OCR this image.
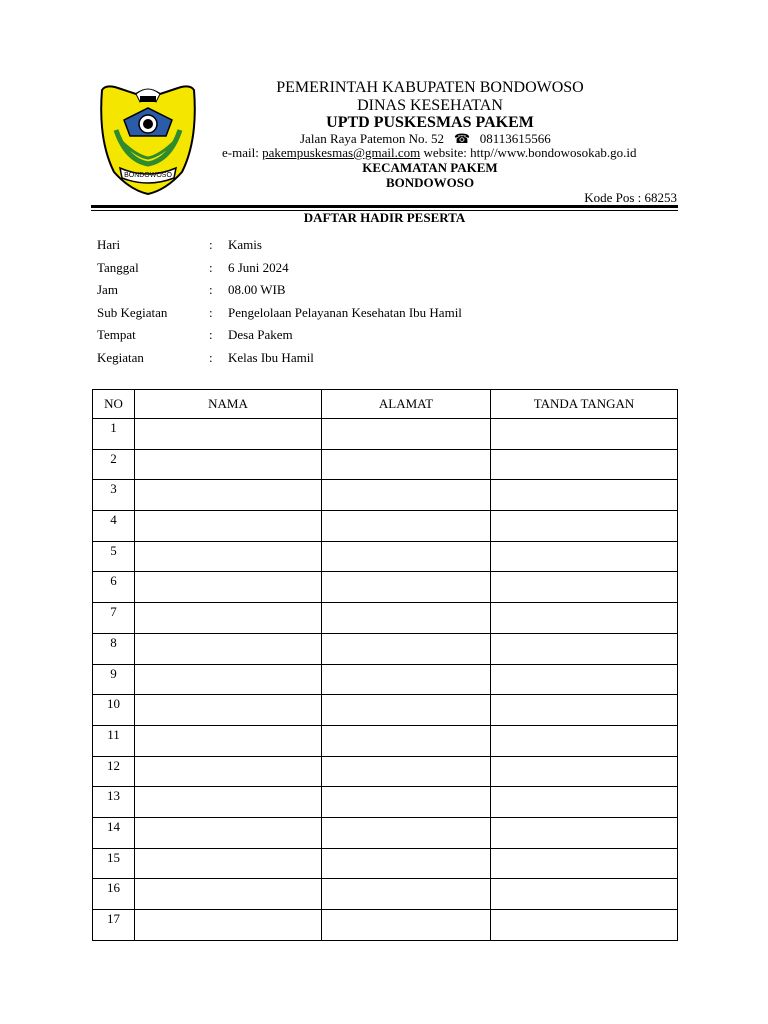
BONDOWOSO
PEMERINTAH KABUPATEN BONDOWOSO
DINAS KESEHATAN
UPTD PUSKESMAS PAKEM
Jalan Raya Patemon No. 52 ☎ 08113615566
e-mail: pakempuskesmas@gmail.com website: http//www.bondowosokab.go.id
KECAMATAN PAKEM
BONDOWOSO
Kode Pos : 68253
DAFTAR HADIR PESERTA
Hari	: Kamis
Tanggal	: 6 Juni 2024
Jam	: 08.00 WIB
Sub Kegiatan	: Pengelolaan Pelayanan Kesehatan Ibu Hamil
Tempat	: Desa Pakem
Kegiatan	: Kelas Ibu Hamil
NO	NAMA	ALAMAT	TANDA TANGAN
1			
2			
3			
4			
5			
6			
7			
8			
9			
10			
11			
12			
13			
14			
15			
16			
17			
